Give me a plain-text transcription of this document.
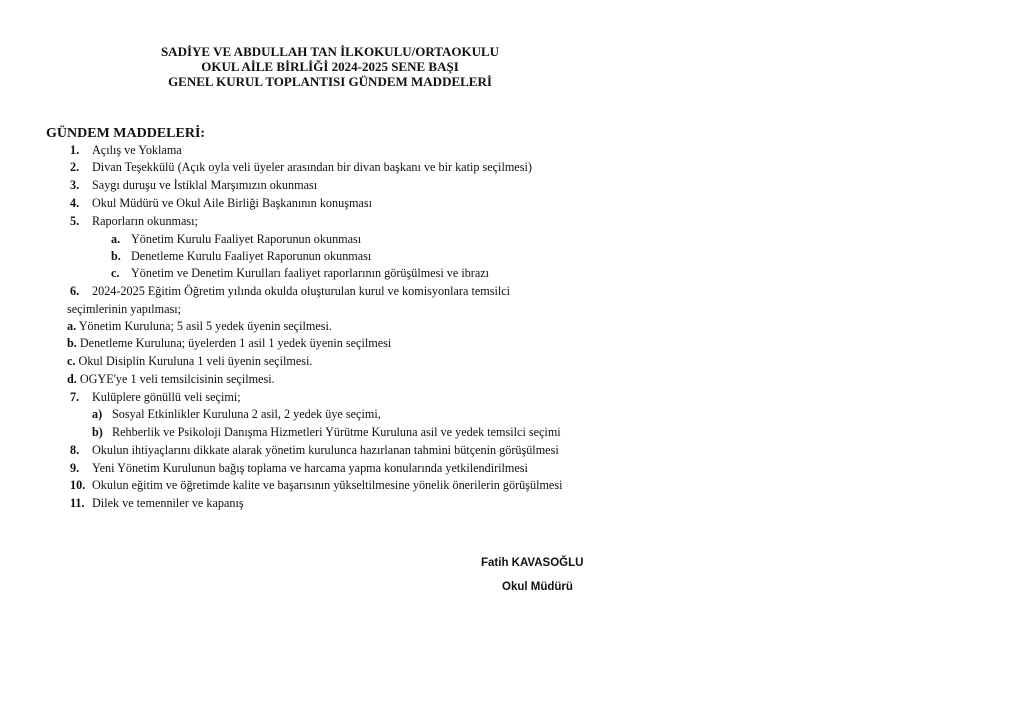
SADİYE VE ABDULLAH TAN İLKOKULU/ORTAOKULU
OKUL AİLE BİRLİĞİ 2024-2025 SENE BAŞI
GENEL KURUL TOPLANTISI GÜNDEM MADDELERİ
GÜNDEM MADDELERİ:
1. Açılış ve Yoklama
2. Divan Teşekkülü (Açık oyla veli üyeler arasından bir divan başkanı ve bir katip seçilmesi)
3. Saygı duruşu ve İstiklal Marşımızın okunması
4. Okul Müdürü ve Okul Aile Birliği Başkanının konuşması
5. Raporların okunması;
a. Yönetim Kurulu Faaliyet Raporunun okunması
b. Denetleme Kurulu Faaliyet Raporunun okunması
c. Yönetim ve Denetim Kurulları faaliyet raporlarının görüşülmesi ve ibrazı
6. 2024-2025 Eğitim Öğretim yılında okulda oluşturulan kurul ve komisyonlara temsilci
seçimlerinin yapılması;
a. Yönetim Kuruluna; 5 asil 5 yedek üyenin seçilmesi.
b. Denetleme Kuruluna; üyelerden 1 asil 1 yedek üyenin seçilmesi
c. Okul Disiplin Kuruluna 1 veli üyenin seçilmesi.
d. OGYE'ye 1 veli temsilcisinin seçilmesi.
7. Kulüplere gönüllü veli seçimi;
a) Sosyal Etkinlikler Kuruluna 2 asil, 2 yedek üye seçimi,
b) Rehberlik ve Psikoloji Danışma Hizmetleri Yürütme Kuruluna asil ve yedek temsilci seçimi
8. Okulun ihtiyaçlarını dikkate alarak yönetim kurulunca hazırlanan tahmini bütçenin görüşülmesi
9. Yeni Yönetim Kurulunun bağış toplama ve harcama yapma konularında yetkilendirilmesi
10. Okulun eğitim ve öğretimde kalite ve başarısının yükseltilmesine yönelik önerilerin görüşülmesi
11. Dilek ve temenniler ve kapanış
Fatih KAVASOĞLU
Okul Müdürü
